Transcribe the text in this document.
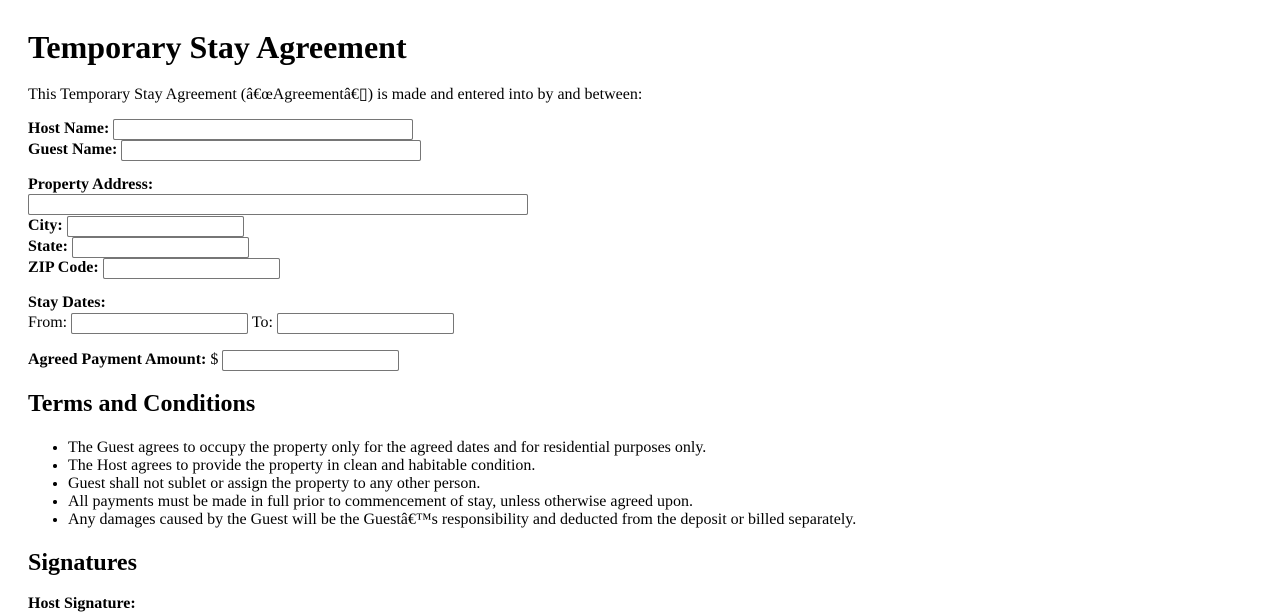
Temporary Stay Agreement

This Temporary Stay Agreement (â€œAgreementâ€▯) is made and entered into by and between:

Host Name:
Guest Name:
Property Address:
City:
State:
ZIP Code:
Stay Dates:
From:	To:
Agreed Payment Amount: $
Terms and Conditions
• The Guest agrees to occupy the property only for the agreed dates and for residential purposes only.
• The Host agrees to provide the property in clean and habitable condition.
• Guest shall not sublet or assign the property to any other person.
• All payments must be made in full prior to commencement of stay, unless otherwise agreed upon.
• Any damages caused by the Guest will be the Guestâ€™s responsibility and deducted from the deposit or billed separately.
Signatures
Host Signature:
